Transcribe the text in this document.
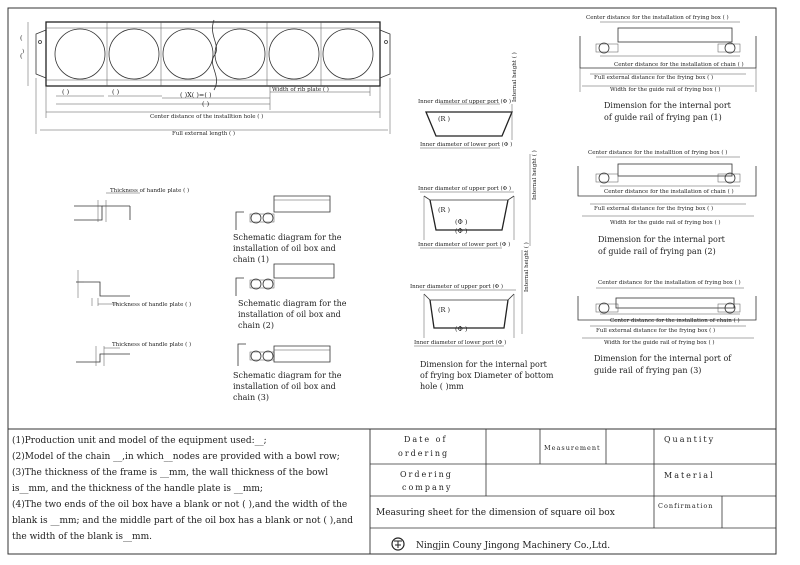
(
( )
( )	( )	( )X( )=( )
( )
Width of rib plate ( )
Center distance of the installtion hole ( )
Full external length ( )
Thickness of handle plate ( )
Thickness of handle plate ( )
Thickness of handle plate ( )
Schematic diagram for the
installation of oil box and
chain (1)
Schematic diagram for the
installation of oil box and
chain (2)
Schematic diagram for the
installation of oil box and
chain (3)
Inner diameter of upper port (Φ )
(R )
Inner diameter of lower port (Φ )
Internal height ( )
Inner diameter of upper port (Φ )
(R )
(Φ )
(Φ )
Inner diameter of lower port (Φ )
Internal height ( )
Inner diameter of upper port (Φ )
(R )
(Φ )
Inner diameter of lower port (Φ )
Internal height ( )
Dimension for the internal port
of frying box Diameter of bottom
hole ( )mm
Center distance for the installation of frying box ( )
Center distance for the installation of chain ( )
Full external distance for the frying box ( )
Width for the guide rail of frying box ( )
Dimension for the internal port
of guide rail of frying pan (1)
Center distance for the installtion of frying box ( )
Center distance for the installation of chain ( )
Full external distance for the frying box ( )
Width for the guide rail of frying box ( )
Dimension for the internal port
of guide rail of frying pan (2)
Center distance for the installation of frying box ( )
Center distance for the installation of chain ( )
Full external distance for the frying box ( )
Width for the guide rail of frying box ( )
Dimension for the internal port of
guide rail of frying pan (3)
(1)Production unit and model of the equipment used:__;
(2)Model of the chain __,in which__nodes are provided with a bowl row;
(3)The thickness of the frame is __mm, the wall thickness of the bowl
is__mm, and the thickness of the handle plate is __mm;
(4)The two ends of the oil box have a blank or not ( ),and the width of the
blank is __mm; and the middle part of the oil box has a blank or not ( ),and
the width of the blank is__mm.
Date of
ordering
Measurement
Quantity
Ordering
company
Material
Measuring sheet for the dimension of square oil box
Confirmation
Ningjin Couny Jingong Machinery Co.,Ltd.
